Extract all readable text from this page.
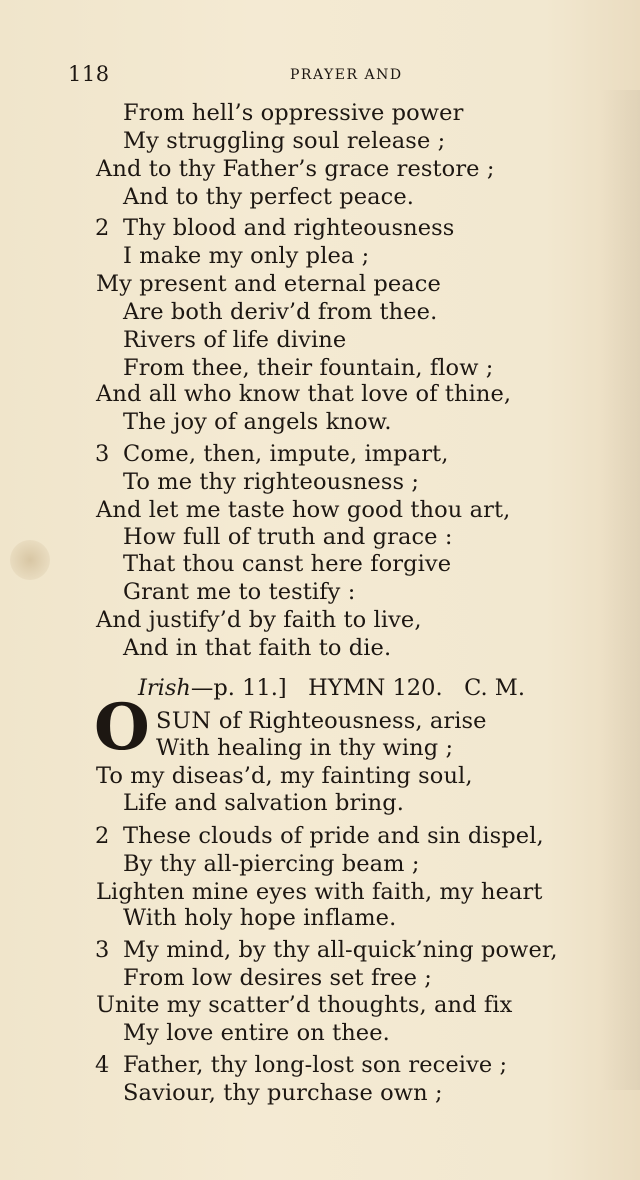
118	PRAYER AND
From hell’s oppressive power
My struggling soul release ;
And to thy Father’s grace restore ;
And to thy perfect peace.
2 Thy blood and righteousness
I make my only plea ;
My present and eternal peace
Are both deriv’d from thee.
Rivers of life divine
From thee, their fountain, flow ;
And all who know that love of thine,
The joy of angels know.
3 Come, then, impute, impart,
To me thy righteousness ;
And let me taste how good thou art,
How full of truth and grace :
That thou canst here forgive
Grant me to testify :
And justify’d by faith to live,
And in that faith to die.
Irish—p. 11.] HYMN 120. C. M.
O SUN of Righteousness, arise
With healing in thy wing ;
To my diseas’d, my fainting soul,
Life and salvation bring.
2 These clouds of pride and sin dispel,
By thy all-piercing beam ;
Lighten mine eyes with faith, my heart
With holy hope inflame.
3 My mind, by thy all-quick’ning power,
From low desires set free ;
Unite my scatter’d thoughts, and fix
My love entire on thee.
4 Father, thy long-lost son receive ;
Saviour, thy purchase own ;
